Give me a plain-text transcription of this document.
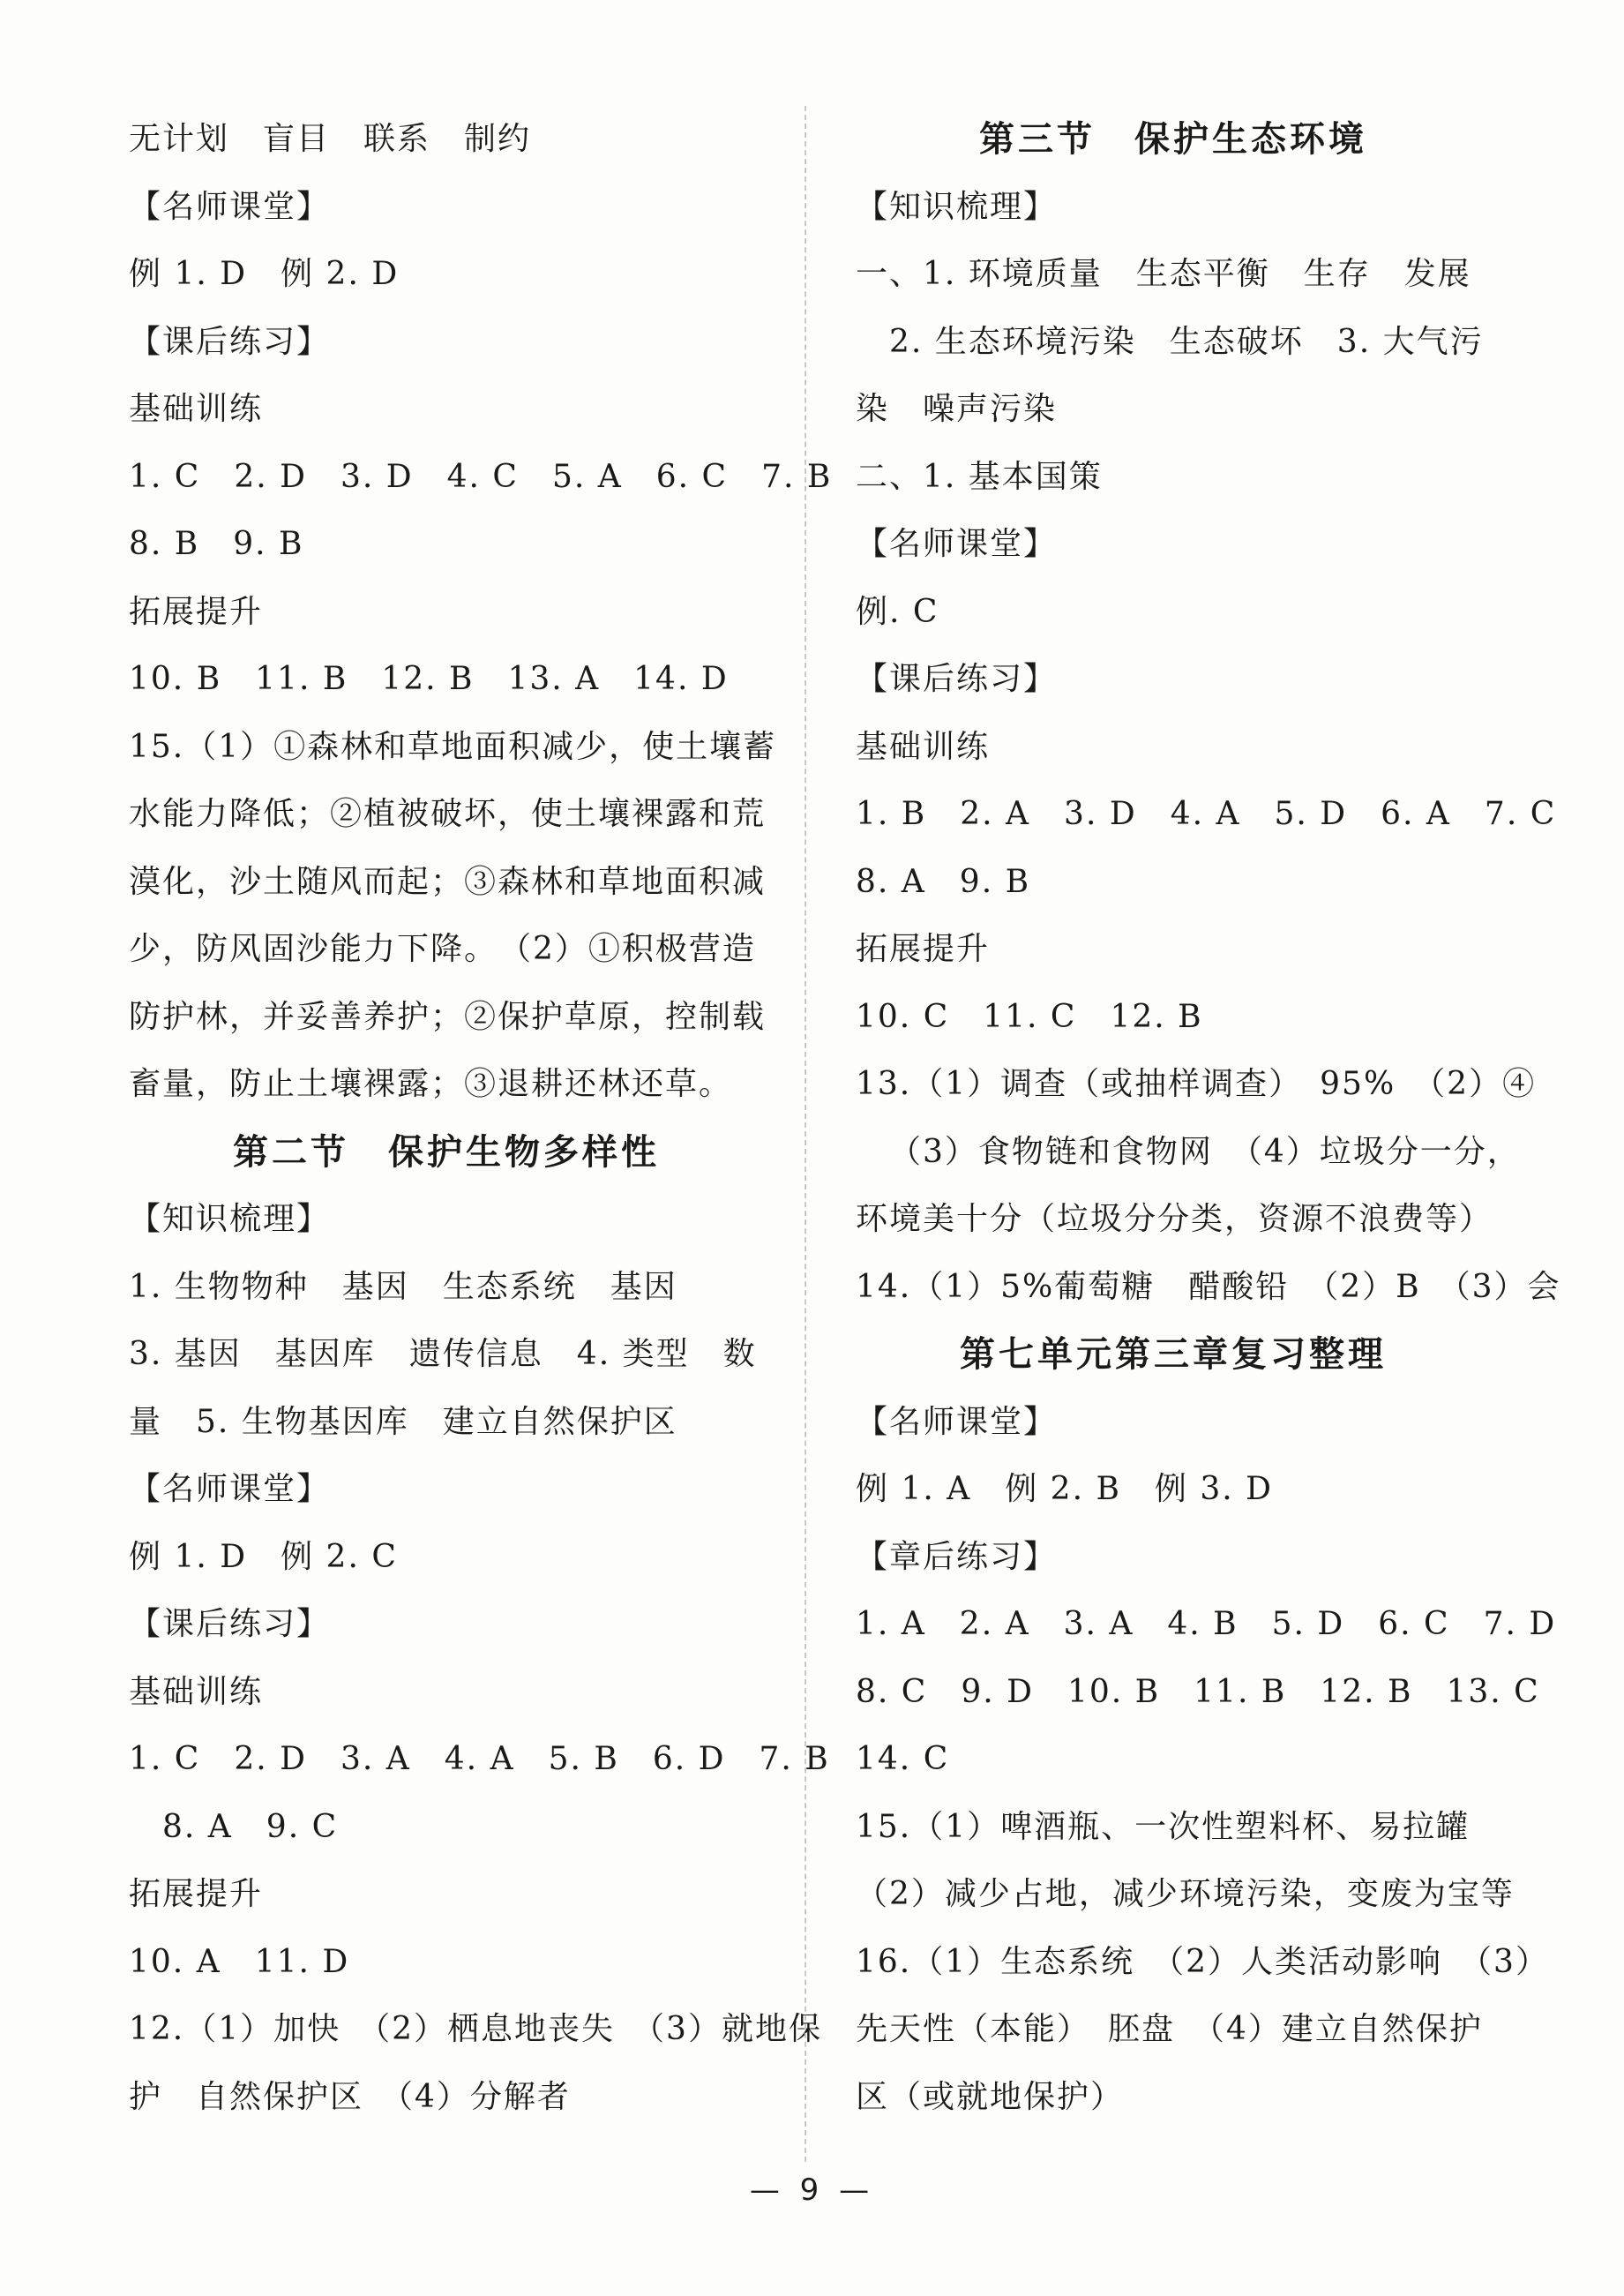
无计划　盲目　联系　制约
【名师课堂】
例 1. D　例 2. D
【课后练习】
基础训练
1. C　2. D　3. D　4. C　5. A　6. C　7. B
8. B　9. B
拓展提升
10. B　11. B　12. B　13. A　14. D
15.（1）①森林和草地面积减少，使土壤蓄
水能力降低；②植被破坏，使土壤裸露和荒
漠化，沙土随风而起；③森林和草地面积减
少，防风固沙能力下降。　（2）①积极营造
防护林，并妥善养护；②保护草原，控制载
畜量，防止土壤裸露；③退耕还林还草。
第二节　保护生物多样性
【知识梳理】
1. 生物物种　基因　生态系统　基因
3. 基因　基因库　遗传信息　4. 类型　数
量　5. 生物基因库　建立自然保护区
【名师课堂】
例 1. D　例 2. C
【课后练习】
基础训练
1. C　2. D　3. A　4. A　5. B　6. D　7. B
8. A　9. C
拓展提升
10. A　11. D
12.（1）加快　（2）栖息地丧失　（3）就地保
护　自然保护区　（4）分解者
第三节　保护生态环境
【知识梳理】
一、1. 环境质量　生态平衡　生存　发展
2. 生态环境污染　生态破坏　3. 大气污
染　噪声污染
二、1. 基本国策
【名师课堂】
例. C
【课后练习】
基础训练
1. B　2. A　3. D　4. A　5. D　6. A　7. C
8. A　9. B
拓展提升
10. C　11. C　12. B
13.（1）调查（或抽样调查）　95%　（2）④
（3）食物链和食物网　（4）垃圾分一分，
环境美十分（垃圾分分类，资源不浪费等）
14.（1）5%葡萄糖　醋酸铅　（2）B　（3）会
第七单元第三章复习整理
【名师课堂】
例 1. A　例 2. B　例 3. D
【章后练习】
1. A　2. A　3. A　4. B　5. D　6. C　7. D
8. C　9. D　10. B　11. B　12. B　13. C
14. C
15.（1）啤酒瓶、一次性塑料杯、易拉罐
（2）减少占地，减少环境污染，变废为宝等
16.（1）生态系统　（2）人类活动影响　（3）
先天性（本能）　胚盘　（4）建立自然保护
区（或就地保护）
— 9 —
